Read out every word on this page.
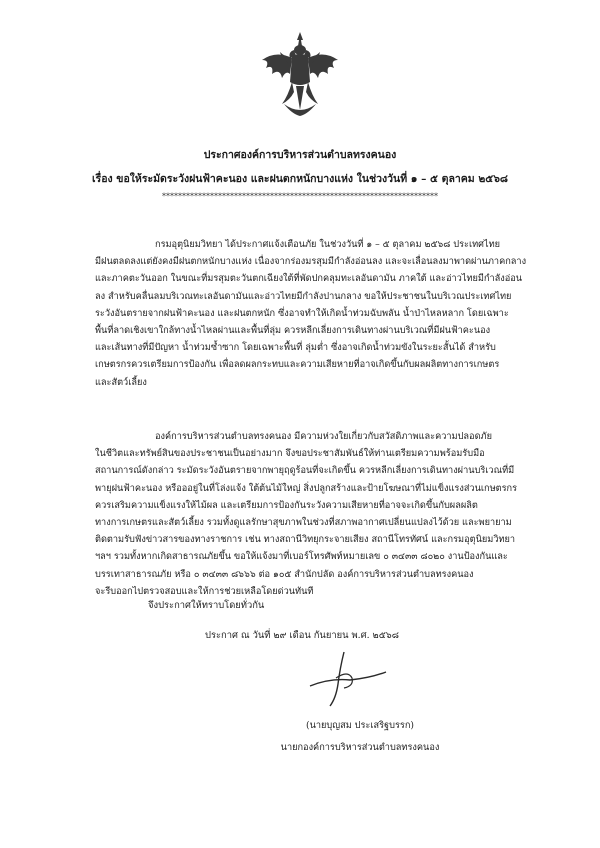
ประกาศองค์การบริหารส่วนตำบลทรงคนอง
เรื่อง ขอให้ระมัดระวังฝนฟ้าคะนอง และฝนตกหนักบางแห่ง ในช่วงวันที่ ๑ – ๕ ตุลาคม ๒๕๖๘
*********************************************************************
กรมอุตุนิยมวิทยา ได้ประกาศแจ้งเตือนภัย ในช่วงวันที่ ๑ – ๕ ตุลาคม ๒๕๖๘ ประเทศไทย
มีฝนตลดลงแต่ยังคงมีฝนตกหนักบางแห่ง เนื่องจากร่องมรสุมมีกำลังอ่อนลง และจะเลื่อนลงมาพาดผ่านภาคกลาง
และภาคตะวันออก ในขณะที่มรสุมตะวันตกเฉียงใต้ที่พัดปกคลุมทะเลอันดามัน ภาคใต้ และอ่าวไทยมีกำลังอ่อน
ลง สำหรับคลื่นลมบริเวณทะเลอันดามันและอ่าวไทยมีกำลังปานกลาง ขอให้ประชาชนในบริเวณประเทศไทย
ระวังอันตรายจากฝนฟ้าคะนอง และฝนตกหนัก ซึ่งอาจทำให้เกิดน้ำท่วมฉับพลัน น้ำป่าไหลหลาก โดยเฉพาะ
พื้นที่ลาดเชิงเขาใกล้ทางน้ำไหลผ่านและพื้นที่ลุ่ม ควรหลีกเลี่ยงการเดินทางผ่านบริเวณที่มีฝนฟ้าคะนอง
และเส้นทางที่มีปัญหา น้ำท่วมซ้ำซาก โดยเฉพาะพื้นที่ ลุ่มต่ำ ซึ่งอาจเกิดน้ำท่วมขังในระยะสั้นได้ สำหรับ
เกษตรกรควรเตรียมการป้องกัน เพื่อลดผลกระทบและความเสียหายที่อาจเกิดขึ้นกับผลผลิตทางการเกษตร
และสัตว์เลี้ยง
องค์การบริหารส่วนตำบลทรงคนอง มีความห่วงใยเกี่ยวกับสวัสดิภาพและความปลอดภัย
ในชีวิตและทรัพย์สินของประชาชนเป็นอย่างมาก จึงขอประชาสัมพันธ์ให้ท่านเตรียมความพร้อมรับมือ
สถานการณ์ดังกล่าว ระมัดระวังอันตรายจากพายุฤดูร้อนที่จะเกิดขึ้น ควรหลีกเลี่ยงการเดินทางผ่านบริเวณที่มี
พายุฝนฟ้าคะนอง หรือออยู่ในที่โล่งแจ้ง ใต้ต้นไม้ใหญ่ สิ่งปลูกสร้างและป้ายโฆษณาที่ไม่แข็งแรงส่วนเกษตรกร
ควรเสริมความแข็งแรงให้ไม้ผล และเตรียมการป้องกันระวังความเสียหายที่อาจจะเกิดขึ้นกับผลผลิต
ทางการเกษตรและสัตว์เลี้ยง รวมทั้งดูแลรักษาสุขภาพในช่วงที่สภาพอากาศเปลี่ยนแปลงไว้ด้วย และพยายาม
ติดตามรับฟังข่าวสารของทางราชการ เช่น ทางสถานีวิทยุกระจายเสียง สถานีโทรทัศน์ และกรมอุตุนิยมวิทยา
ฯลฯ รวมทั้งหากเกิดสาธารณภัยขึ้น ขอให้แจ้งมาที่เบอร์โทรศัพท์หมายเลข ๐ ๓๔๓๓ ๘๐๒๐ งานป้องกันและ
บรรเทาสาธารณภัย หรือ ๐ ๓๔๓๓ ๘๖๖๖ ต่อ ๑๐๕ สำนักปลัด องค์การบริหารส่วนตำบลทรงคนอง
จะรีบออกไปตรวจสอบและให้การช่วยเหลือโดยด่วนทันที
จึงประกาศให้ทราบโดยทั่วกัน
ประกาศ ณ วันที่ ๒๙ เดือน กันยายน พ.ศ. ๒๕๖๘
(นายบุญสม ประเสริฐบรรก)
นายกองค์การบริหารส่วนตำบลทรงคนอง
